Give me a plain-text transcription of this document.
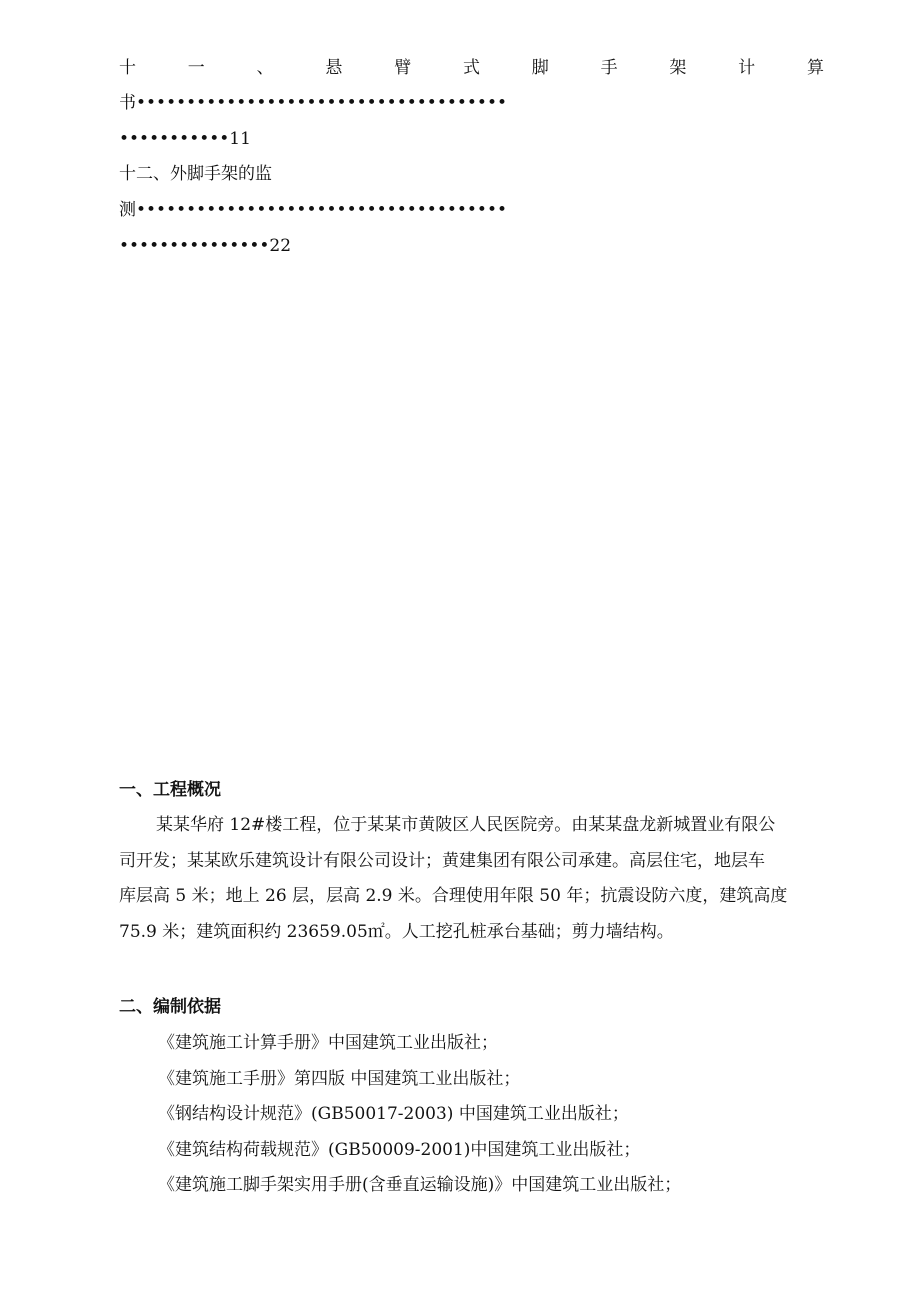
十	一	、	悬	臂	式	脚	手	架	计	算
书•••••••••••••••••••••••••••••••••••••
•••••••••••11
十二、外脚手架的监
测•••••••••••••••••••••••••••••••••••••
•••••••••••••••22
一、工程概况
某某华府 12#楼工程，位于某某市黄陂区人民医院旁。由某某盘龙新城置业有限公
司开发；某某欧乐建筑设计有限公司设计；黄建集团有限公司承建。高层住宅，地层车
库层高 5 米；地上 26 层，层高 2.9 米。合理使用年限 50 年；抗震设防六度，建筑高度
75.9 米；建筑面积约 23659.05㎡。人工挖孔桩承台基础；剪力墙结构。
二、编制依据
《建筑施工计算手册》中国建筑工业出版社；
《建筑施工手册》第四版 中国建筑工业出版社；
《钢结构设计规范》(GB50017-2003) 中国建筑工业出版社；
《建筑结构荷载规范》(GB50009-2001)中国建筑工业出版社；
《建筑施工脚手架实用手册(含垂直运输设施)》中国建筑工业出版社；
